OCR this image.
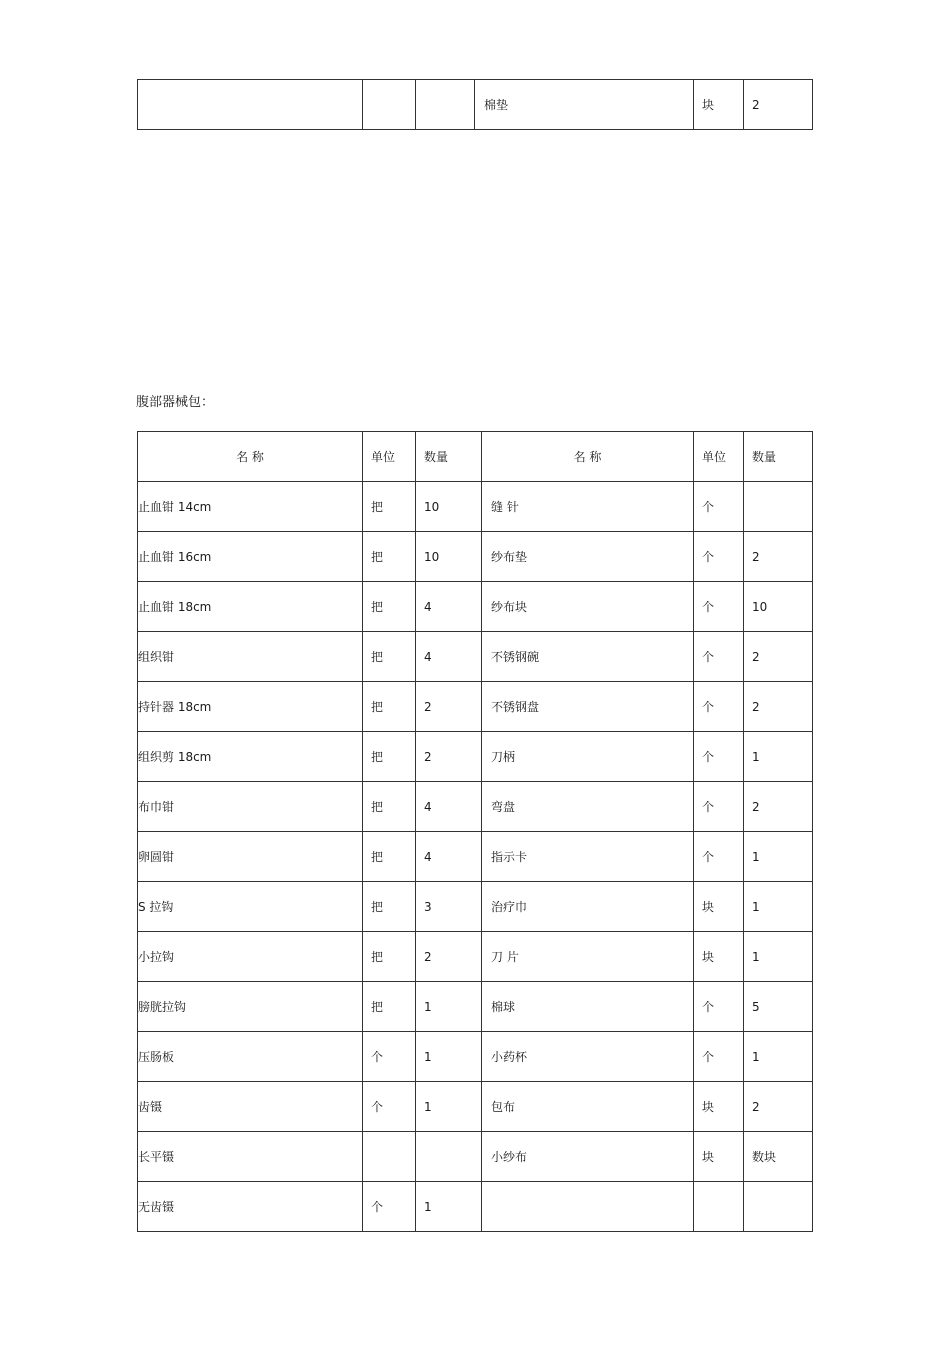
			棉垫	块	2
腹部器械包：
名 称	单位	数量	名 称	单位	数量
止血钳 14cm	把	10	缝 针	个	
止血钳 16cm	把	10	纱布垫	个	2
止血钳 18cm	把	4	纱布块	个	10
组织钳	把	4	不锈钢碗	个	2
持针器 18cm	把	2	不锈钢盘	个	2
组织剪 18cm	把	2	刀柄	个	1
布巾钳	把	4	弯盘	个	2
卵圆钳	把	4	指示卡	个	1
S 拉钩	把	3	治疗巾	块	1
小拉钩	把	2	刀 片	块	1
膀胱拉钩	把	1	棉球	个	5
压肠板	个	1	小药杯	个	1
齿镊	个	1	包布	块	2
长平镊			小纱布	块	数块
无齿镊	个	1			
